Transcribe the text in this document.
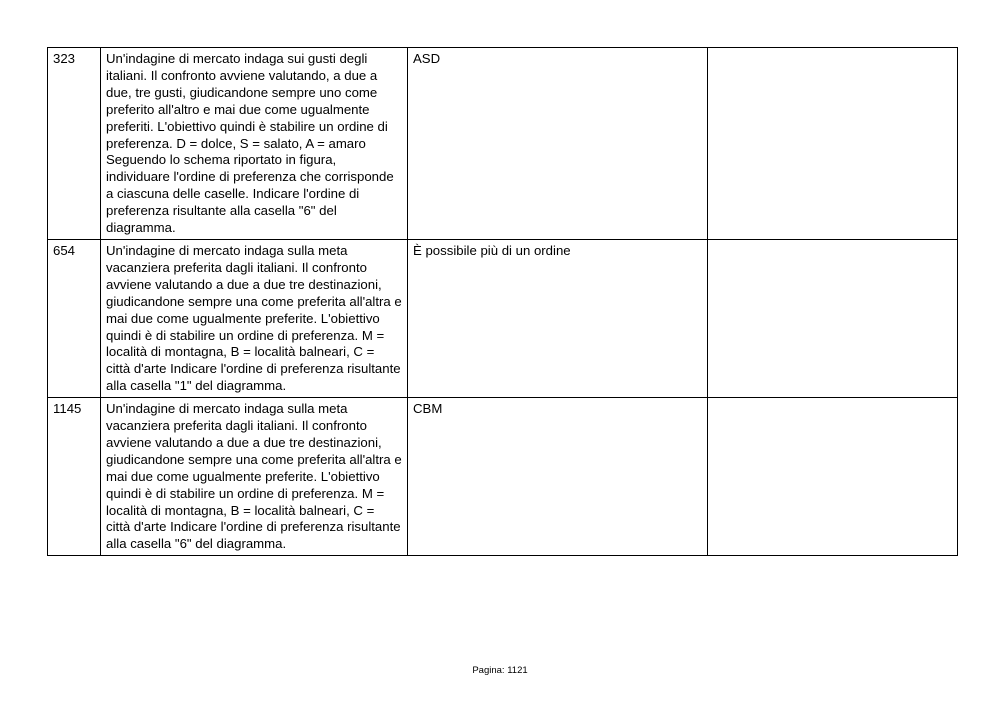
323	Un'indagine di mercato indaga sui gusti degli italiani. Il confronto avviene valutando, a due a due, tre gusti, giudicandone sempre uno come preferito all'altro e mai due come ugualmente preferiti. L'obiettivo quindi è stabilire un ordine di preferenza. D = dolce, S = salato, A = amaro Seguendo lo schema riportato in figura, individuare l'ordine di preferenza che corrisponde a ciascuna delle caselle. Indicare l'ordine di preferenza risultante alla casella "6" del diagramma.	ASD	
654	Un'indagine di mercato indaga sulla meta vacanziera preferita dagli italiani. Il confronto avviene valutando a due a due tre destinazioni, giudicandone sempre una come preferita all'altra e mai due come ugualmente preferite. L'obiettivo quindi è di stabilire un ordine di preferenza. M = località di montagna, B = località balneari, C = città d'arte Indicare l'ordine di preferenza risultante alla casella "1" del diagramma.	È possibile più di un ordine	
1145	Un'indagine di mercato indaga sulla meta vacanziera preferita dagli italiani. Il confronto avviene valutando a due a due tre destinazioni, giudicandone sempre una come preferita all'altra e mai due come ugualmente preferite. L'obiettivo quindi è di stabilire un ordine di preferenza. M = località di montagna, B = località balneari, C = città d'arte Indicare l'ordine di preferenza risultante alla casella "6" del diagramma.	CBM	
Pagina: 1121
